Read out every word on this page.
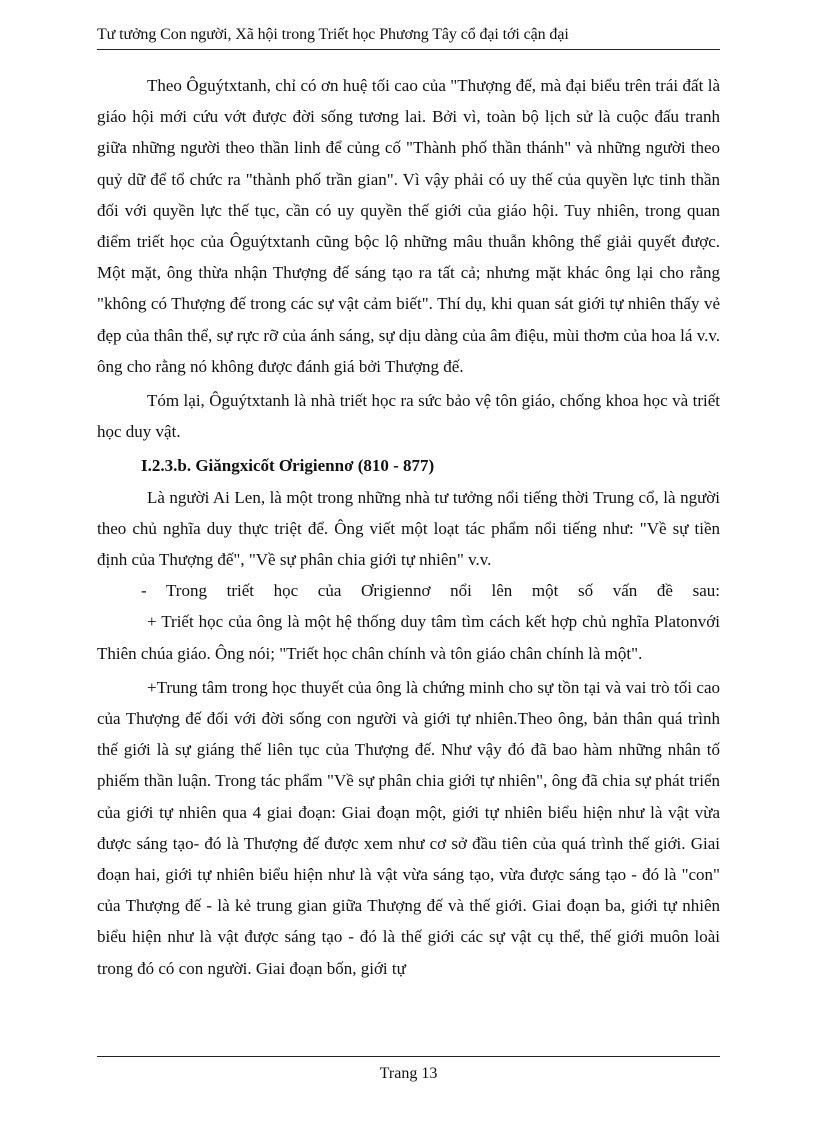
Tư tưởng Con người, Xã hội trong Triết học Phương Tây cổ đại tới cận đại

Theo Ôguýtxtanh, chỉ có ơn huệ tối cao của "Thượng đế, mà đại biểu trên trái đất là giáo hội mới cứu vớt được đời sống tương lai. Bởi vì, toàn bộ lịch sử là cuộc đấu tranh giữa những người theo thần linh để củng cố "Thành phố thần thánh" và những người theo quỷ dữ để tổ chức ra "thành phố trần gian". Vì vậy phải có uy thế của quyền lực tinh thần đối với quyền lực thế tục, cần có uy quyền thế giới của giáo hội. Tuy nhiên, trong quan điểm triết học của Ôguýtxtanh cũng bộc lộ những mâu thuẫn không thể giải quyết được. Một mặt, ông thừa nhận Thượng đế sáng tạo ra tất cả; nhưng mặt khác ông lại cho rằng "không có Thượng đế trong các sự vật cảm biết". Thí dụ, khi quan sát giới tự nhiên thấy vẻ đẹp của thân thể, sự rực rỡ của ánh sáng, sự dịu dàng của âm điệu, mùi thơm của hoa lá v.v. ông cho rằng nó không được đánh giá bởi Thượng đế.

Tóm lại, Ôguýtxtanh là nhà triết học ra sức bảo vệ tôn giáo, chống khoa học và triết học duy vật.

I.2.3.b. Giăngxicốt Ơrigiennơ (810 - 877)

Là người Ai Len, là một trong những nhà tư tưởng nổi tiếng thời Trung cổ, là người theo chủ nghĩa duy thực triệt để. Ông viết một loạt tác phẩm nổi tiếng như: "Về sự tiền định của Thượng đế", "Về sự phân chia giới tự nhiên" v.v.

- Trong triết học của Ơrigiennơ nổi lên một số vấn đề sau:

+ Triết học của ông là một hệ thống duy tâm tìm cách kết hợp chủ nghĩa Platonvới Thiên chúa giáo. Ông nói; "Triết học chân chính và tôn giáo chân chính là một".

+Trung tâm trong học thuyết của ông là chứng minh cho sự tồn tại và vai trò tối cao của Thượng đế đối với đời sống con người và giới tự nhiên.Theo ông, bản thân quá trình thế giới là sự giáng thế liên tục của Thượng đế. Như vậy đó đã bao hàm những nhân tố phiếm thần luận. Trong tác phẩm "Về sự phân chia giới tự nhiên", ông đã chia sự phát triển của giới tự nhiên qua 4 giai đoạn: Giai đoạn một, giới tự nhiên biểu hiện như là vật vừa được sáng tạo- đó là Thượng đế được xem như cơ sở đầu tiên của quá trình thế giới. Giai đoạn hai, giới tự nhiên biểu hiện như là vật vừa sáng tạo, vừa được sáng tạo - đó là "con" của Thượng đế - là kẻ trung gian giữa Thượng đế và thế giới. Giai đoạn ba, giới tự nhiên biểu hiện như là vật được sáng tạo - đó là thế giới các sự vật cụ thể, thế giới muôn loài trong đó có con người. Giai đoạn bốn, giới tự

Trang 13
